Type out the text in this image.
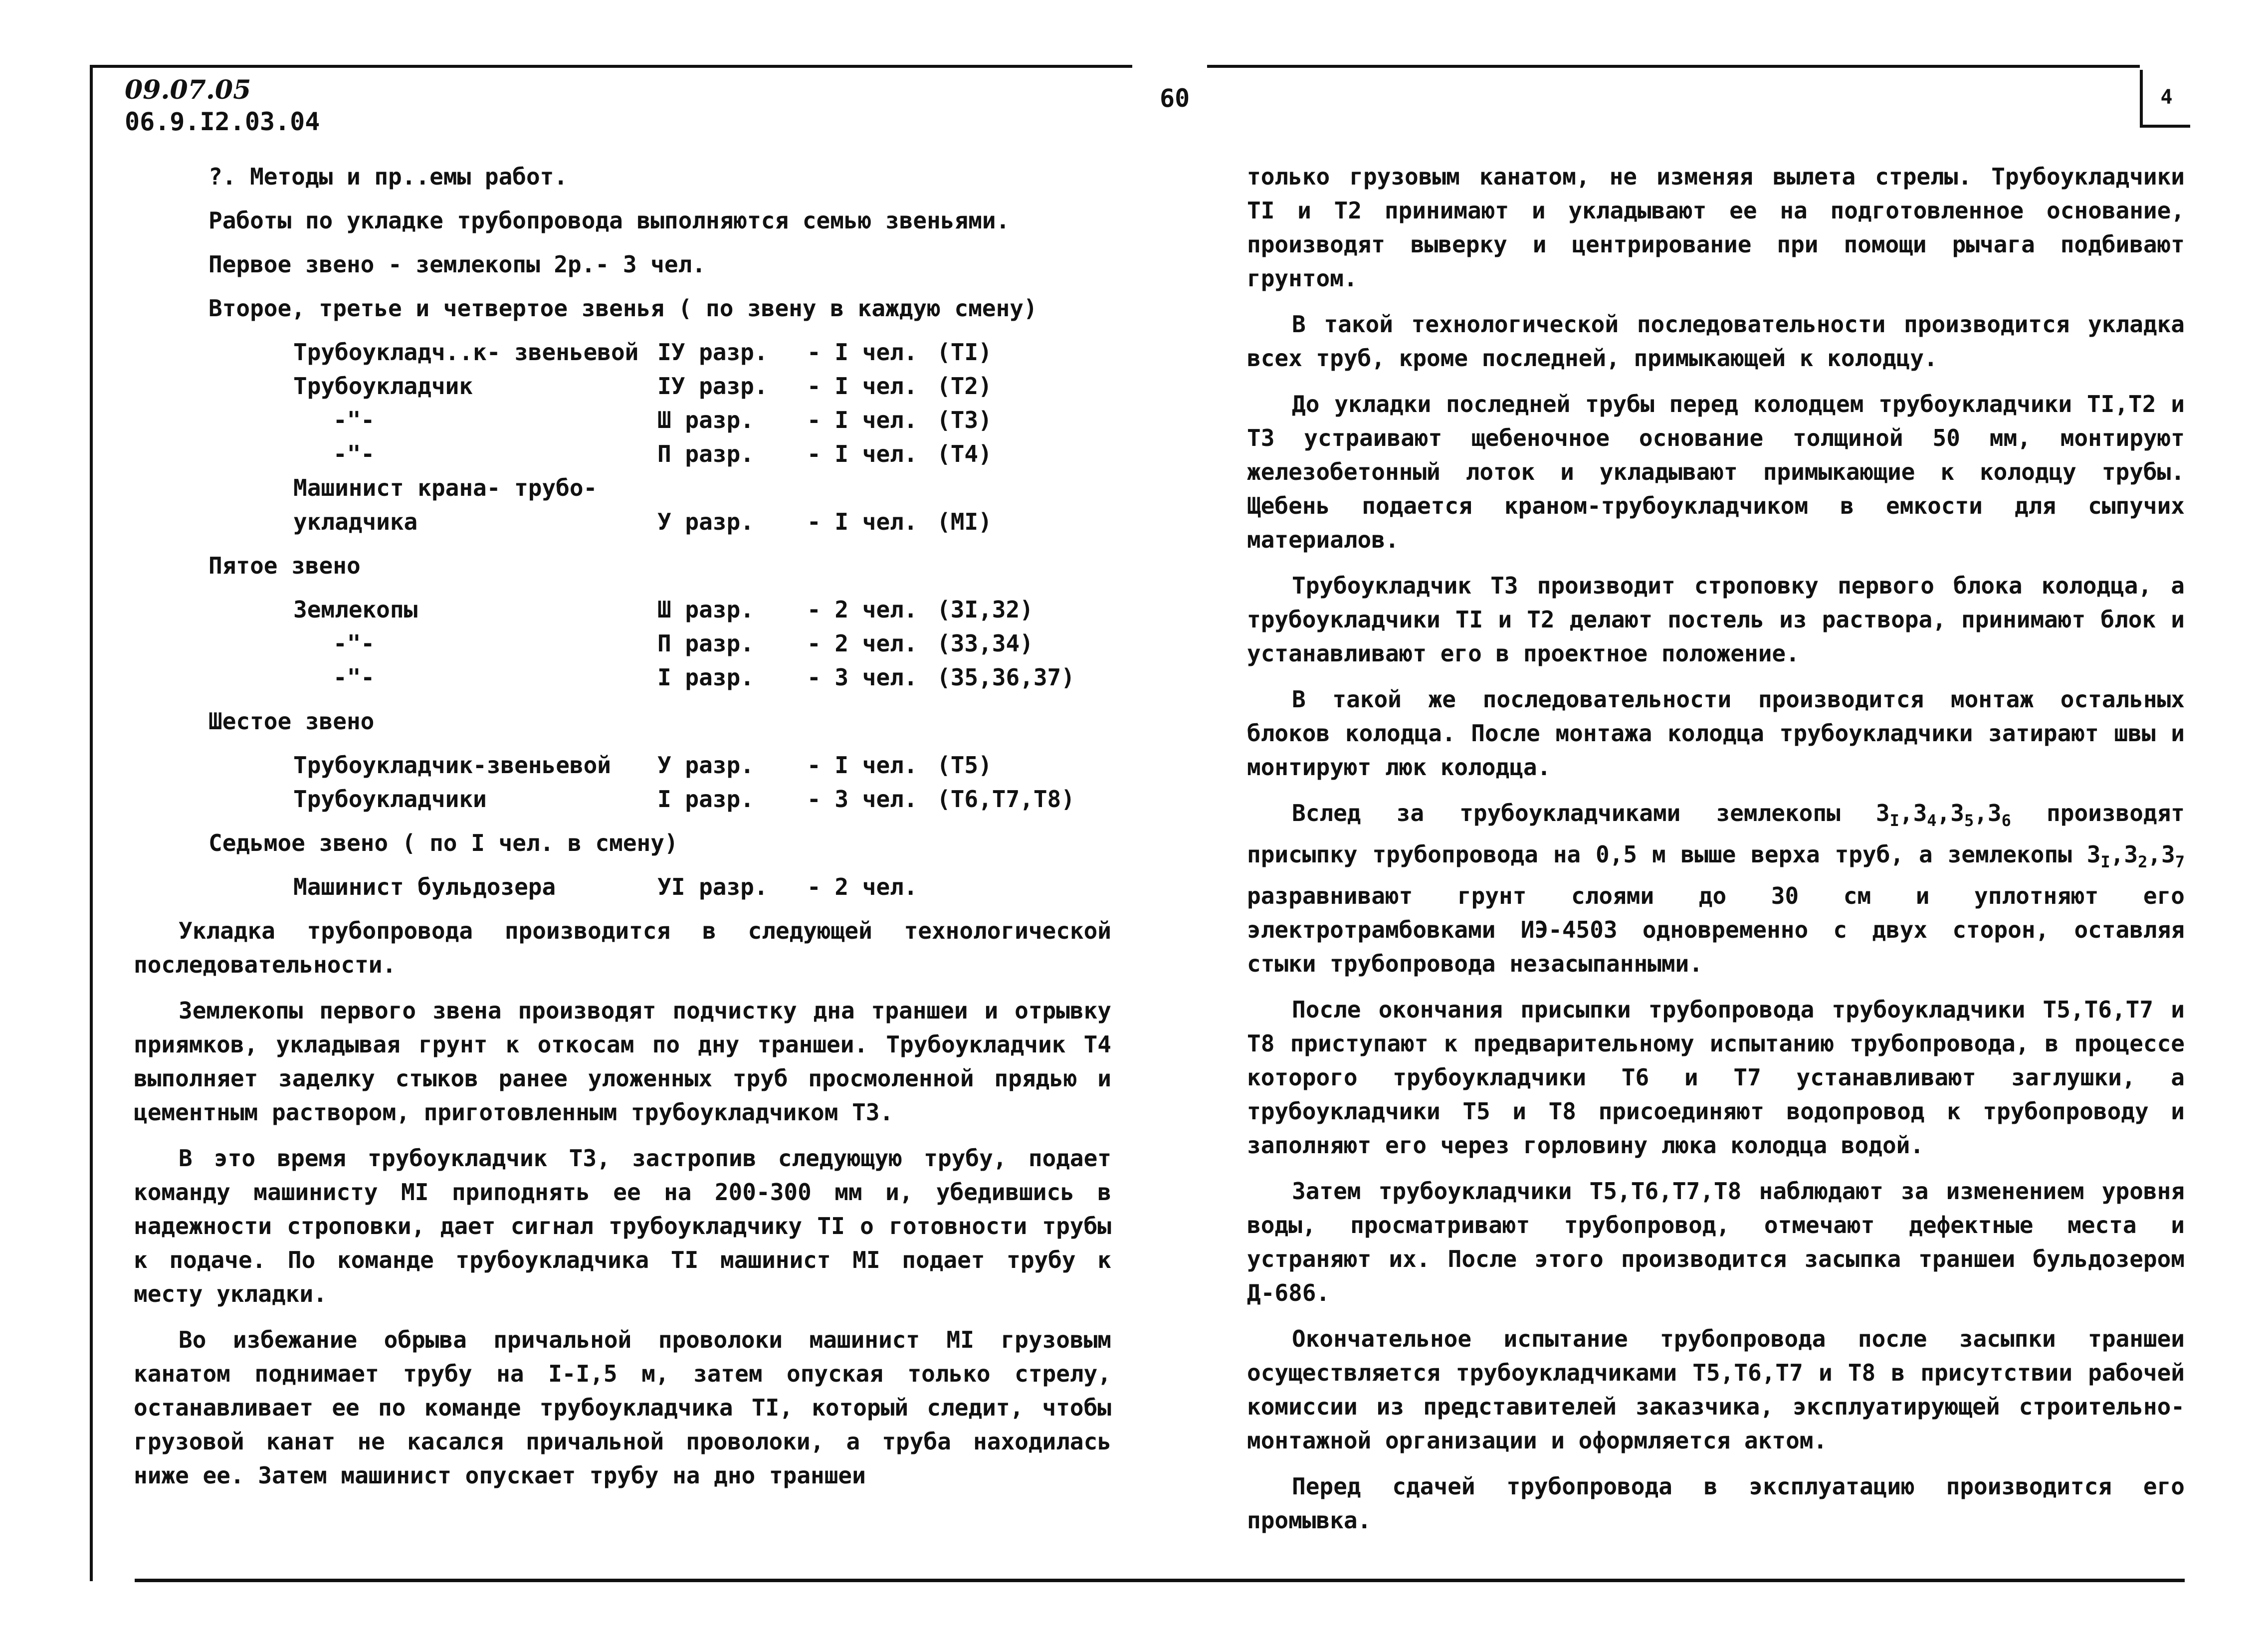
09.07.05
06.9.I2.03.04
60	4
?. Методы и пр..емы работ.
Работы по укладке трубопровода выполняются семью звеньями.
Первое звено - землекопы 2р.- 3 чел.
Второе, третье и четвертое звенья ( по звену в каждую смену)
Трубоукладч..к- звеньевой IУ разр.	- I чел. (TI)
Трубоукладчик	IУ разр.	- I чел. (T2)
-"-	Ш разр.	- I чел. (T3)
-"-	П разр.	- I чел. (T4)
Машинист крана- трубо-
укладчика	У разр.	- I чел. (MI)
Пятое звено
Землекопы	Ш разр.	- 2 чел. (3I,32)
-"-	П разр.	- 2 чел. (33,34)
-"-	I разр.	- 3 чел. (35,36,37)
Шестое звено
Трубоукладчик-звеньевой	У разр.	- I чел. (T5)
Трубоукладчики	I разр.	- 3 чел. (T6,T7,T8)
Седьмое звено ( по I чел. в смену)
Машинист бульдозера	УI разр.	- 2 чел.
Укладка трубопровода производится в следующей технологической последовательности.
Землекопы первого звена производят подчистку дна траншеи и отрывку приямков, укладывая грунт к откосам по дну траншеи. Трубоукладчик T4 выполняет заделку стыков ранее уложенных труб просмоленной прядью и цементным раствором, приготовленным трубоукладчиком T3.
В это время трубоукладчик T3, застропив следующую трубу, подает команду машинисту MI приподнять ее на 200-300 мм и, убедившись в надежности строповки, дает сигнал трубоукладчику TI о готовности трубы к подаче. По команде трубоукладчика TI машинист MI подает трубу к месту укладки.
Во избежание обрыва причальной проволоки машинист MI грузовым канатом поднимает трубу на I-I,5 м, затем опуская только стрелу, останавливает ее по команде трубоукладчика TI, который следит, чтобы грузовой канат не касался причальной проволоки, а труба находилась ниже ее. Затем машинист опускает трубу на дно траншеи
только грузовым канатом, не изменяя вылета стрелы. Трубоукладчики TI и T2 принимают и укладывают ее на подготовленное основание, производят выверку и центрирование при помощи рычага подбивают грунтом.
В такой технологической последовательности производится укладка всех труб, кроме последней, примыкающей к колодцу.
До укладки последней трубы перед колодцем трубоукладчики TI,T2 и T3 устраивают щебеночное основание толщиной 50 мм, монтируют железобетонный лоток и укладывают примыкающие к колодцу трубы. Щебень подается краном-трубоукладчиком в емкости для сыпучих материалов.
Трубоукладчик T3 производит строповку первого блока колодца, а трубоукладчики TI и T2 делают постель из раствора, принимают блок и устанавливают его в проектное положение.
В такой же последовательности производится монтаж остальных блоков колодца. После монтажа колодца трубоукладчики затирают швы и монтируют люк колодца.
Вслед за трубоукладчиками землекопы $3_I,3_4,3_5,3_6$ производят присыпку трубопровода на 0,5 м выше верха труб, а землекопы $3_I,3_2,3_7$ разравнивают грунт слоями до 30 см и уплотняют его электротрамбовками ИЭ-4503 одновременно с двух сторон, оставляя стыки трубопровода незасыпанными.
После окончания присыпки трубопровода трубоукладчики T5,T6,T7 и T8 приступают к предварительному испытанию трубопровода, в процессе которого трубоукладчики T6 и T7 устанавливают заглушки, а трубоукладчики T5 и T8 присоединяют водопровод к трубопроводу и заполняют его через горловину люка колодца водой.
Затем трубоукладчики T5,T6,T7,T8 наблюдают за изменением уровня воды, просматривают трубопровод, отмечают дефектные места и устраняют их. После этого производится засыпка траншеи бульдозером Д-686.
Окончательное испытание трубопровода после засыпки траншеи осуществляется трубоукладчиками T5,T6,T7 и T8 в присутствии рабочей комиссии из представителей заказчика, эксплуатирующей строительно-монтажной организации и оформляется актом.
Перед сдачей трубопровода в эксплуатацию производится его промывка.
